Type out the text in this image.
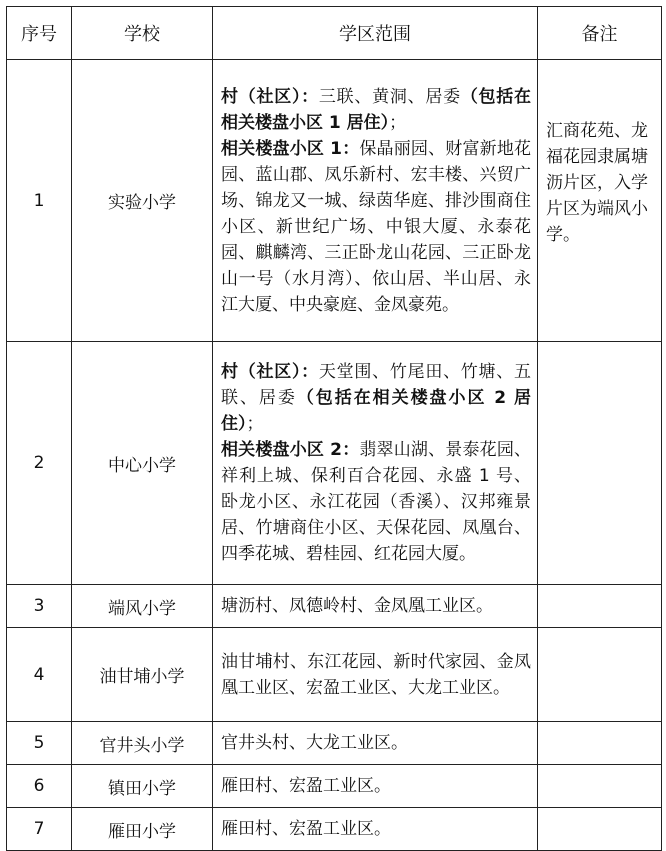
序号	学校	学区范围	备注
1	实验小学	村（社区）：三联、黄洞、居委（包括在相关楼盘小区 1 居住）；
相关楼盘小区 1：保晶丽园、财富新地花园、蓝山郡、凤乐新村、宏丰楼、兴贸广场、锦龙又一城、绿茵华庭、排沙围商住小区、新世纪广场、中银大厦、永泰花园、麒麟湾、三正卧龙山花园、三正卧龙山一号（水月湾）、依山居、半山居、永江大厦、中央豪庭、金凤豪苑。	汇商花苑、龙福花园隶属塘沥片区，入学片区为端风小学。

2	中心小学	村（社区）：天堂围、竹尾田、竹塘、五联、居委（包括在相关楼盘小区 2 居住）；
相关楼盘小区 2：翡翠山湖、景泰花园、祥利上城、保利百合花园、永盛 1 号、卧龙小区、永江花园（香溪）、汉邦雍景居、竹塘商住小区、天保花园、凤凰台、四季花城、碧桂园、红花园大厦。	

3	端风小学	塘沥村、凤德岭村、金凤凰工业区。	

4	油甘埔小学	油甘埔村、东江花园、新时代家园、金凤凰工业区、宏盈工业区、大龙工业区。	

5	官井头小学	官井头村、大龙工业区。	

6	镇田小学	雁田村、宏盈工业区。	

7	雁田小学	雁田村、宏盈工业区。	
